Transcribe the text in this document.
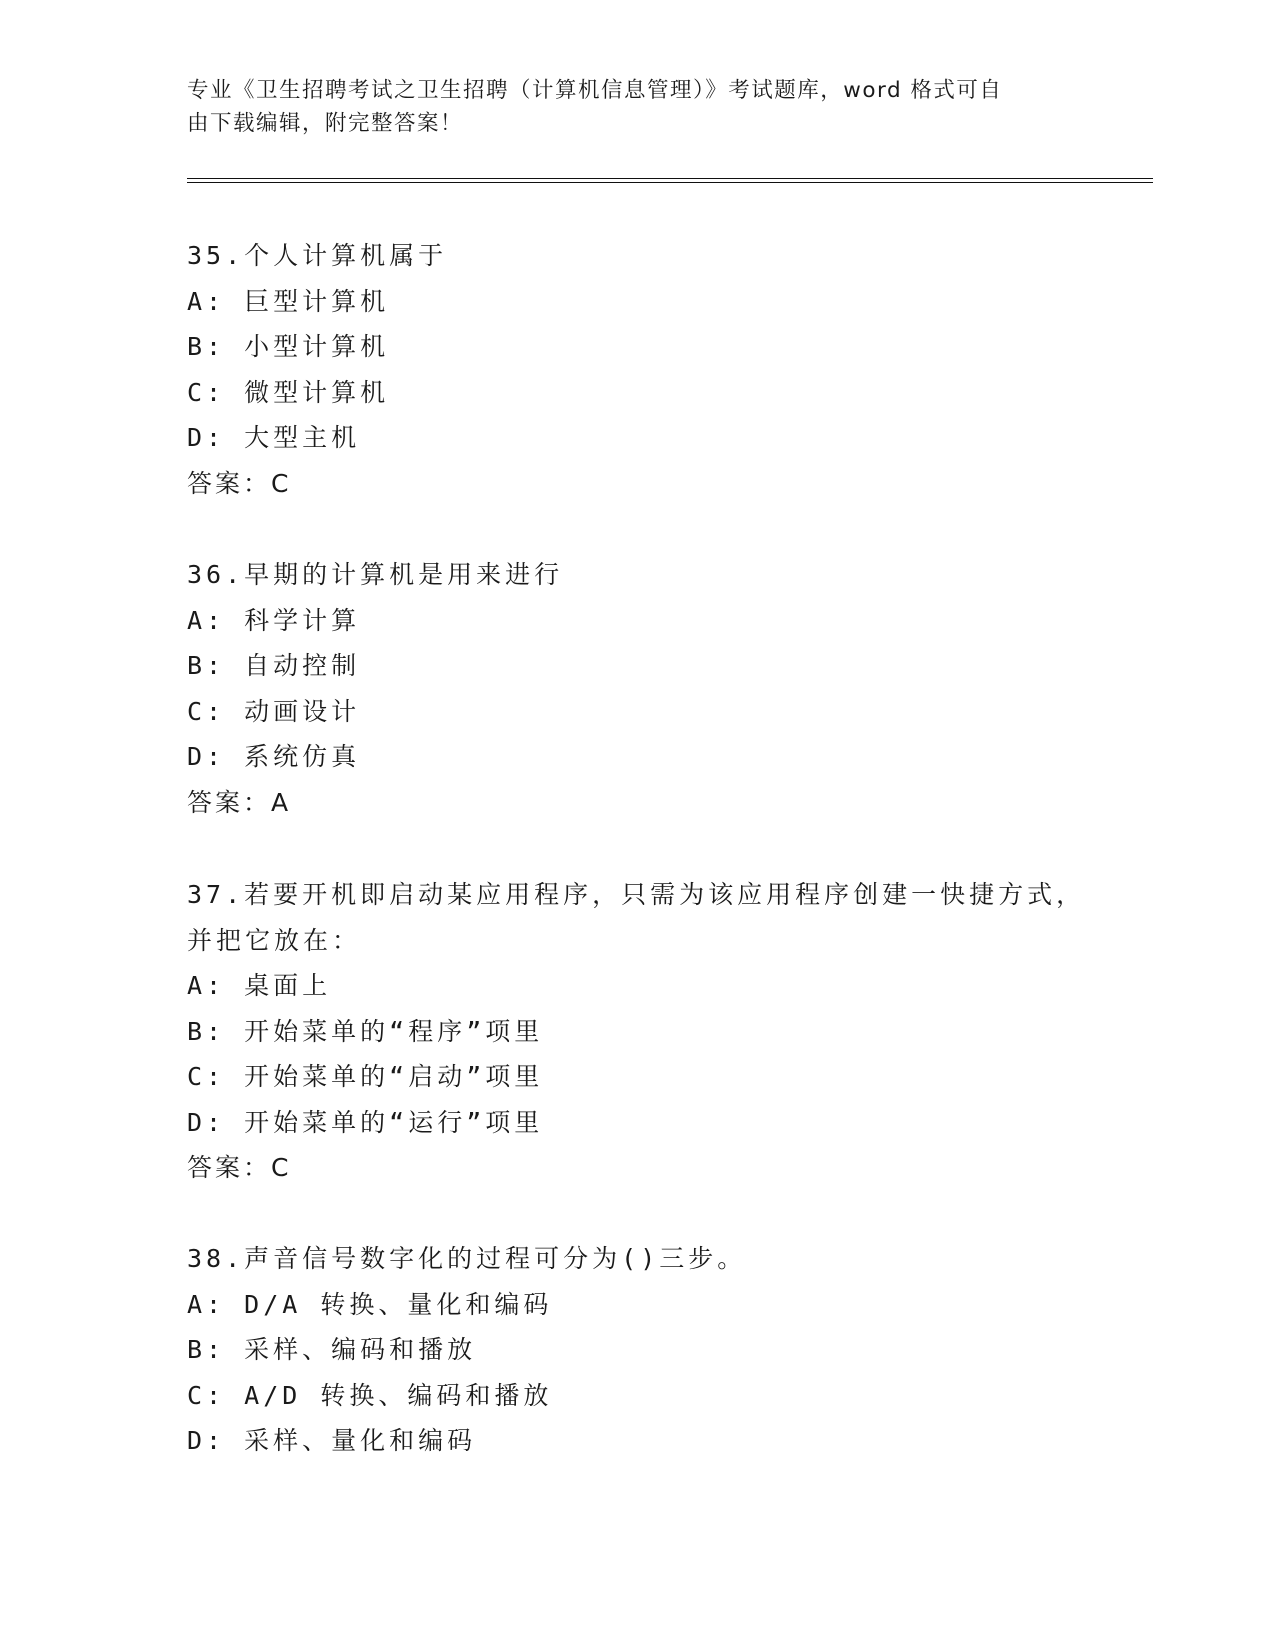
专业《卫生招聘考试之卫生招聘（计算机信息管理）》考试题库，word 格式可自
由下载编辑，附完整答案！
35.个人计算机属于
A: 巨型计算机
B: 小型计算机
C: 微型计算机
D: 大型主机
答案：C
36.早期的计算机是用来进行
A: 科学计算
B: 自动控制
C: 动画设计
D: 系统仿真
答案：A
37.若要开机即启动某应用程序，只需为该应用程序创建一快捷方式，
并把它放在：
A: 桌面上
B: 开始菜单的“程序”项里
C: 开始菜单的“启动”项里
D: 开始菜单的“运行”项里
答案：C
38.声音信号数字化的过程可分为()三步。
A: D/A 转换、量化和编码
B: 采样、编码和播放
C: A/D 转换、编码和播放
D: 采样、量化和编码
